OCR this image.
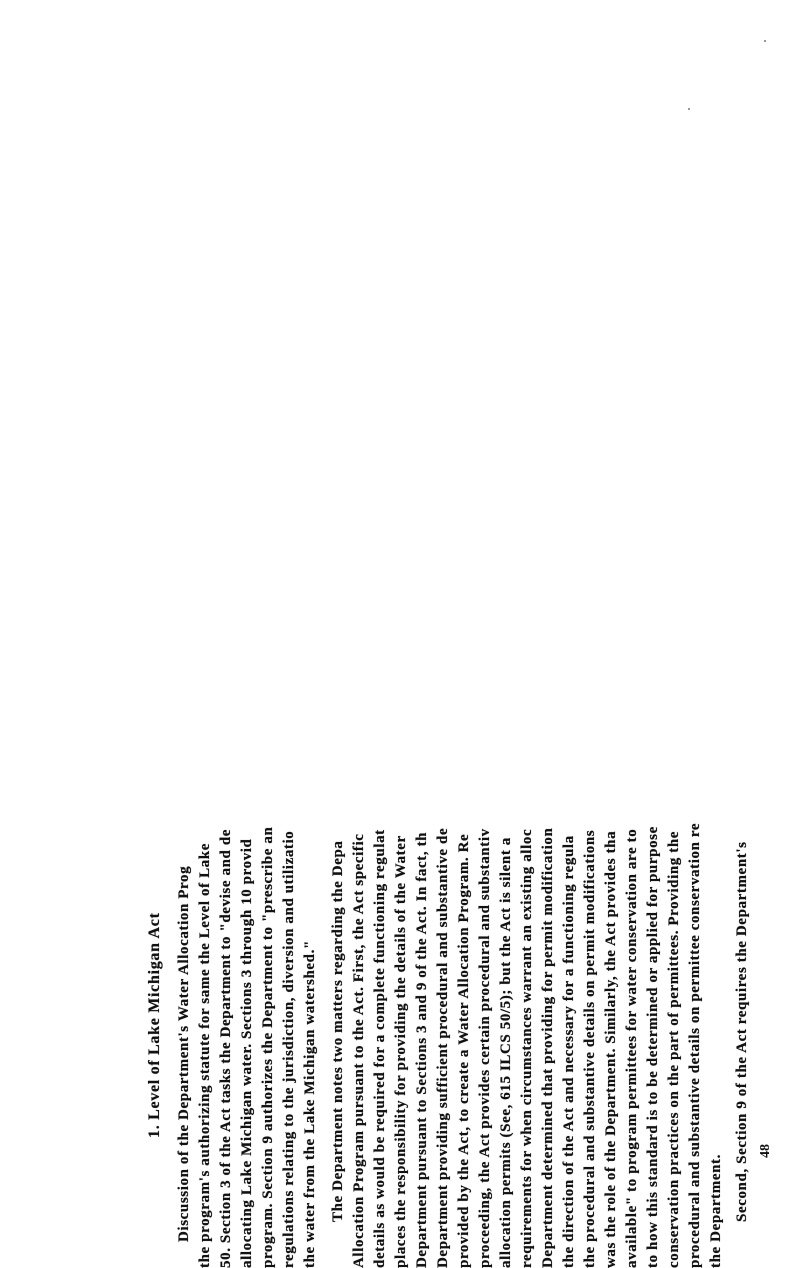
1. Level of Lake Michigan Act Discussion of the Department's Water Allocation Prog the program's authorizing statute for same the Level of Lake 50. Section 3 of the Act tasks the Department to "devise and de allocating Lake Michigan water. Sections 3 through 10 provid program. Section 9 authorizes the Department to "prescribe an regulations relating to the jurisdiction, diversion and utilizatio the water from the Lake Michigan watershed." The Department notes two matters regarding the Depa Allocation Program pursuant to the Act. First, the Act specific details as would be required for a complete functioning regulat places the responsibility for providing the details of the Water Department pursuant to Sections 3 and 9 of the Act. In fact, th Department providing sufficient procedural and substantive de provided by the Act, to create a Water Allocation Program. Re proceeding, the Act provides certain procedural and substantiv allocation permits (See, 615 ILCS 50/5); but the Act is silent a requirements for when circumstances warrant an existing alloc Department determined that providing for permit modification the direction of the Act and necessary for a functioning regula the procedural and substantive details on permit modifications was the role of the Department. Similarly, the Act provides tha available" to program permittees for water conservation are to to how this standard is to be determined or applied for purpose conservation practices on the part of permittees. Providing the procedural and substantive details on permittee conservation re the Department. Second, Section 9 of the Act requires the Department's 48
